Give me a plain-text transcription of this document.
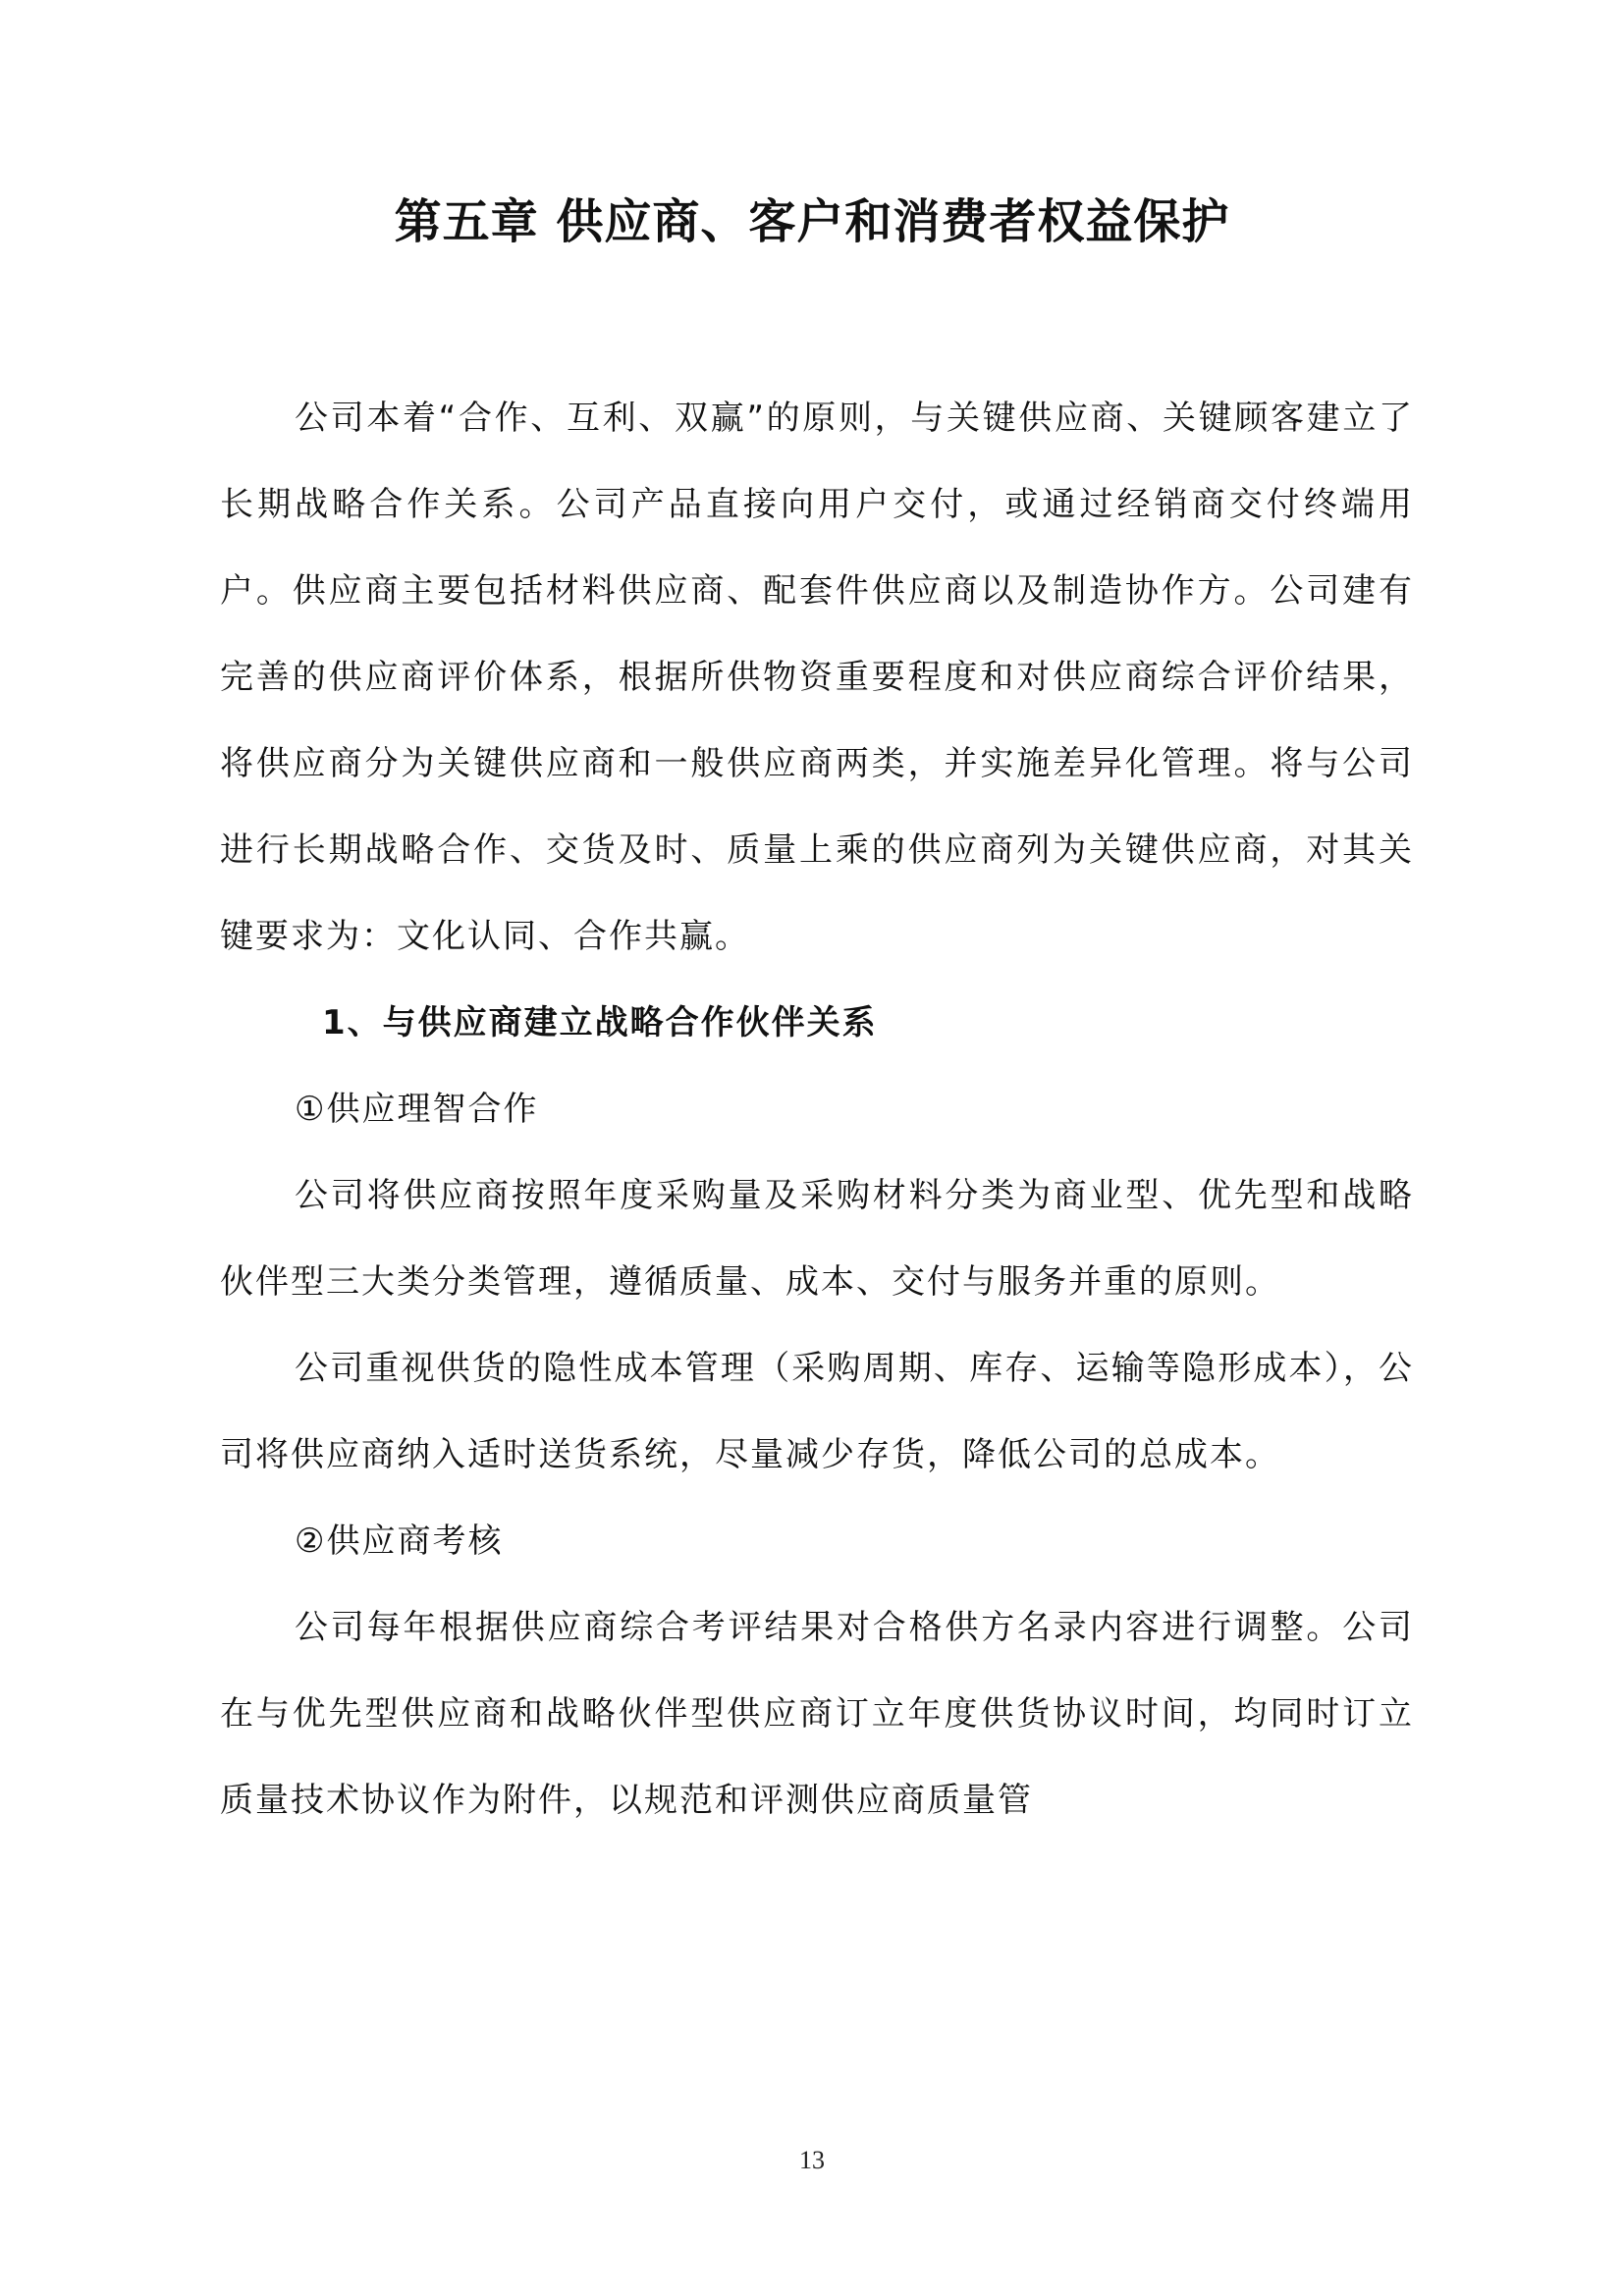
第五章 供应商、客户和消费者权益保护

公司本着“合作、互利、双赢”的原则，与关键供应商、关键顾客建立了长期战略合作关系。公司产品直接向用户交付，或通过经销商交付终端用户。供应商主要包括材料供应商、配套件供应商以及制造协作方。公司建有完善的供应商评价体系，根据所供物资重要程度和对供应商综合评价结果，将供应商分为关键供应商和一般供应商两类，并实施差异化管理。将与公司进行长期战略合作、交货及时、质量上乘的供应商列为关键供应商，对其关键要求为：文化认同、合作共赢。

1、与供应商建立战略合作伙伴关系

①供应理智合作

公司将供应商按照年度采购量及采购材料分类为商业型、优先型和战略伙伴型三大类分类管理，遵循质量、成本、交付与服务并重的原则。

公司重视供货的隐性成本管理（采购周期、库存、运输等隐形成本），公司将供应商纳入适时送货系统，尽量减少存货，降低公司的总成本。

②供应商考核

公司每年根据供应商综合考评结果对合格供方名录内容进行调整。公司在与优先型供应商和战略伙伴型供应商订立年度供货协议时间，均同时订立质量技术协议作为附件，以规范和评测供应商质量管

13
